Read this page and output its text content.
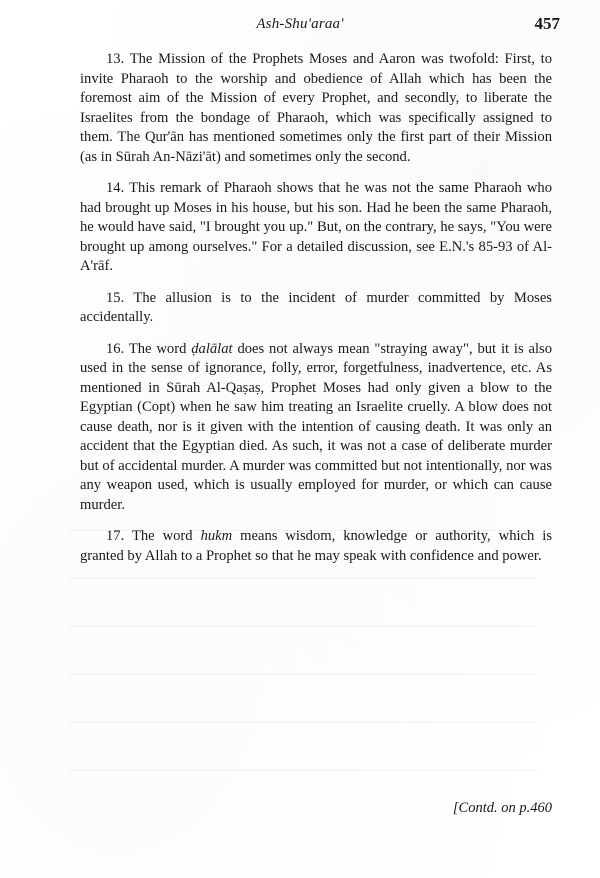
Ash-Shu'araa'	457

13. The Mission of the Prophets Moses and Aaron was twofold: First, to invite Pharaoh to the worship and obedience of Allah which has been the foremost aim of the Mission of every Prophet, and secondly, to liberate the Israelites from the bondage of Pharaoh, which was specifically assigned to them. The Qur'ān has mentioned sometimes only the first part of their Mission (as in Sūrah An-Nāzi'āt) and sometimes only the second.

14. This remark of Pharaoh shows that he was not the same Pharaoh who had brought up Moses in his house, but his son. Had he been the same Pharaoh, he would have said, "I brought you up." But, on the contrary, he says, "You were brought up among ourselves." For a detailed discussion, see E.N.'s 85-93 of Al-A'rāf.

15. The allusion is to the incident of murder committed by Moses accidentally.

16. The word ḍalālat does not always mean "straying away", but it is also used in the sense of ignorance, folly, error, forgetfulness, inadvertence, etc. As mentioned in Sūrah Al-Qaṣaṣ, Prophet Moses had only given a blow to the Egyptian (Copt) when he saw him treating an Israelite cruelly. A blow does not cause death, nor is it given with the intention of causing death. It was only an accident that the Egyptian died. As such, it was not a case of deliberate murder but of accidental murder. A murder was committed but not intentionally, nor was any weapon used, which is usually employed for murder, or which can cause murder.

17. The word hukm means wisdom, knowledge or authority, which is granted by Allah to a Prophet so that he may speak with confidence and power.

[Contd. on p.460
